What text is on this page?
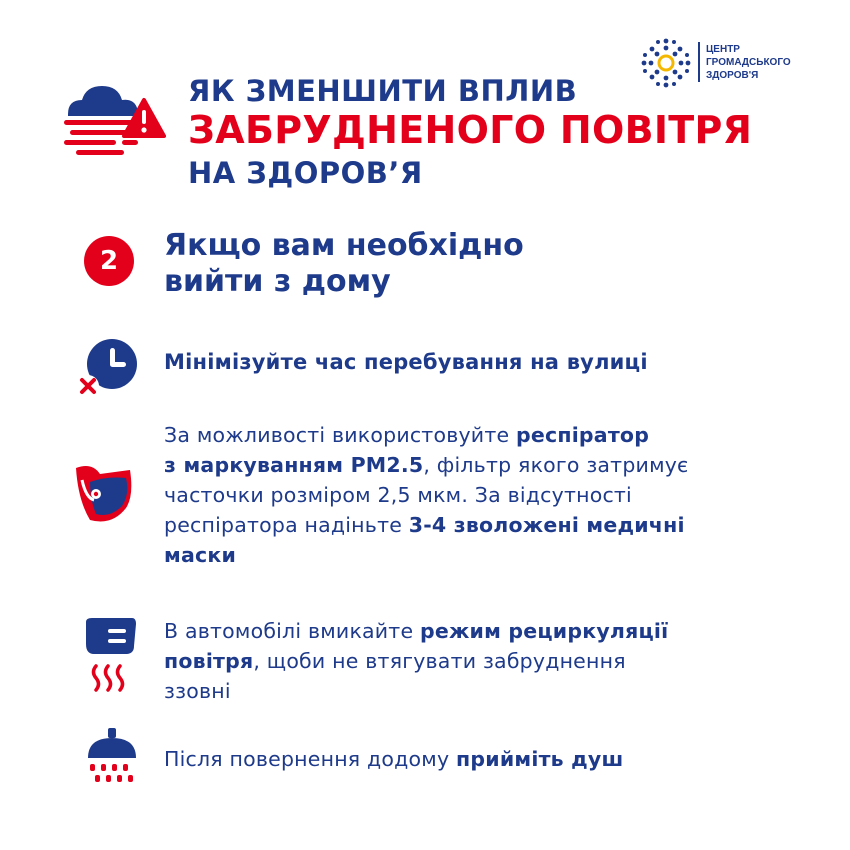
ЦЕНТР
ГРОМАДСЬКОГО
ЗДОРОВ'Я
ЯК ЗМЕНШИТИ ВПЛИВ
ЗАБРУДНЕНОГО ПОВІТРЯ
НА ЗДОРОВ’Я
2	Якщо вам необхідно
вийти з дому
Мінімізуйте час перебування на вулиці
За можливості використовуйте респіратор
з маркуванням PM2.5, фільтр якого затримує
часточки розміром 2,5 мкм. За відсутності
респіратора надіньте 3-4 зволожені медичні
маски
В автомобілі вмикайте режим рециркуляції
повітря, щоби не втягувати забруднення
ззовні
Після повернення додому прийміть душ
